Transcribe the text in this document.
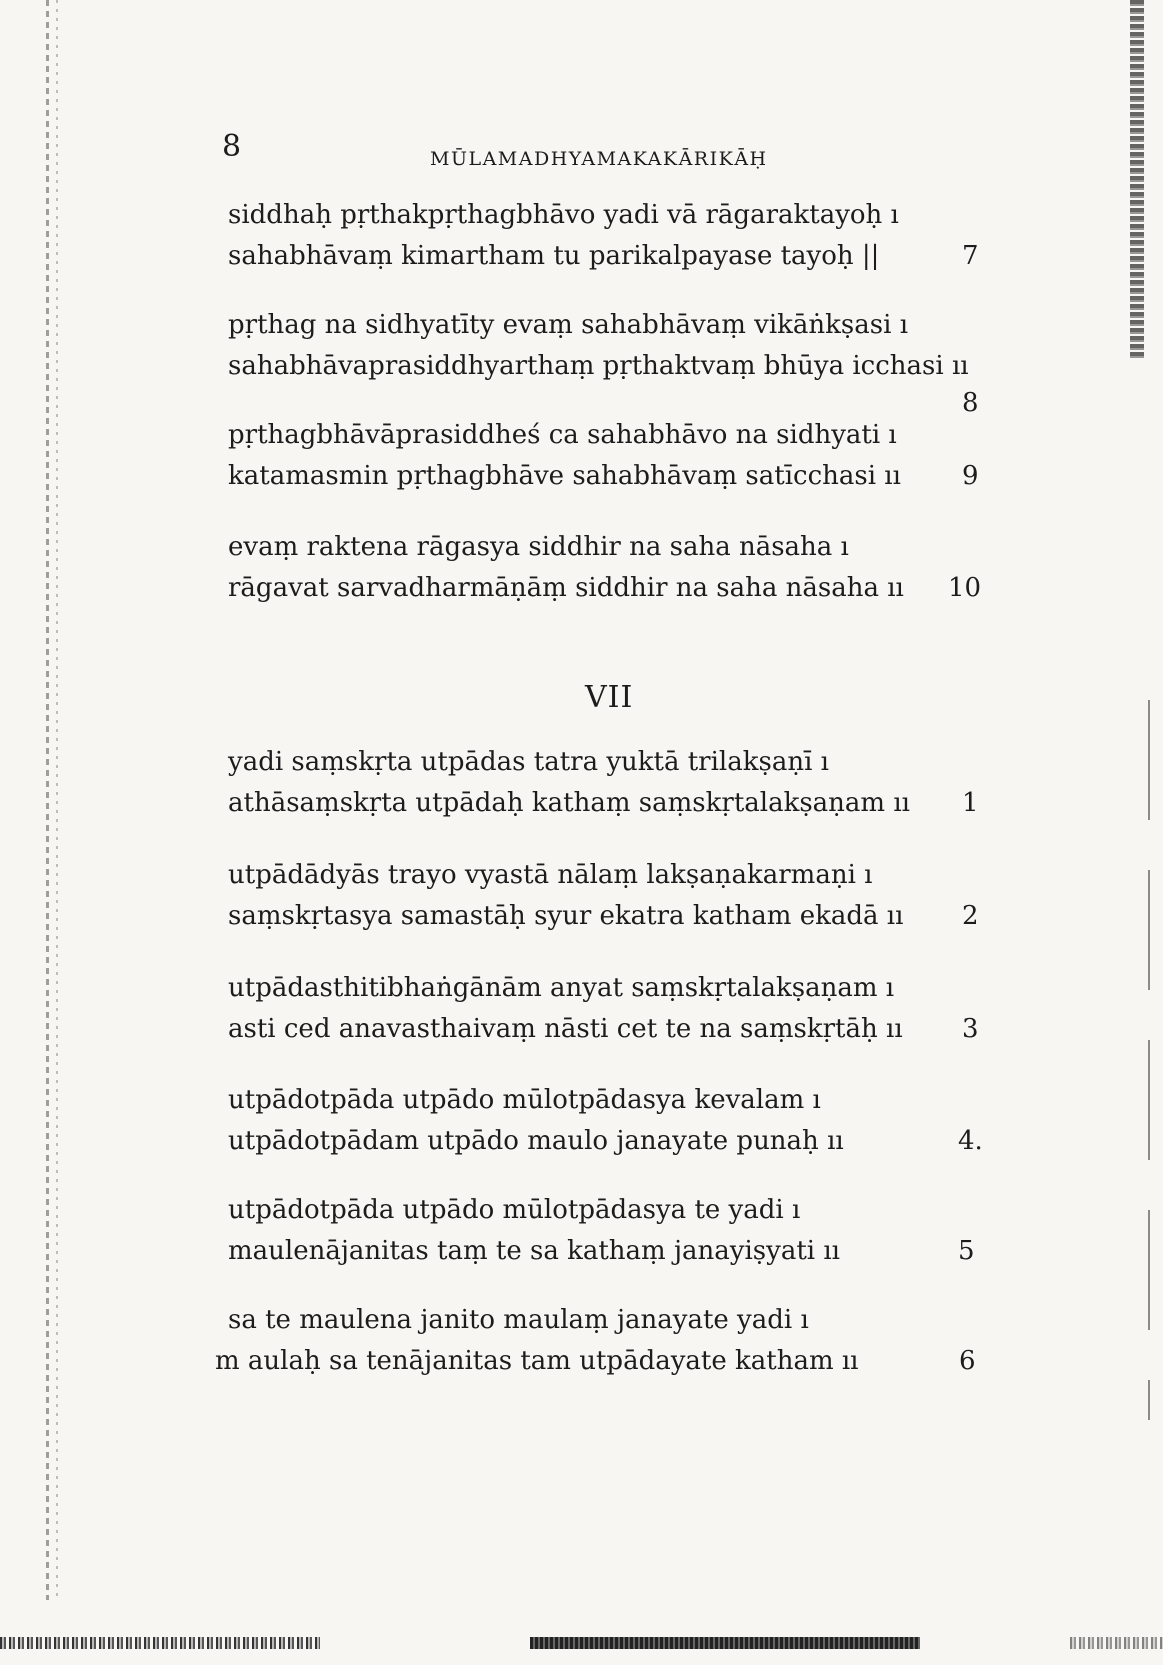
8	MŪLAMADHYAMAKAKĀRIKĀḤ
siddhaḥ pṛthakpṛthagbhāvo yadi vā rāgaraktayoḥ ı
sahabhāvaṃ kimartham tu parikalpayase tayoḥ ||	7
pṛthag na sidhyatīty evaṃ sahabhāvaṃ vikāṅkṣasi ı
sahabhāvaprasiddhyarthaṃ pṛthaktvaṃ bhūya icchasi ıı
8
pṛthagbhāvāprasiddheś ca sahabhāvo na sidhyati ı
katamasmin pṛthagbhāve sahabhāvaṃ satīcchasi ıı	9
evaṃ raktena rāgasya siddhir na saha nāsaha ı
rāgavat sarvadharmāṇāṃ siddhir na saha nāsaha ıı	10
VII
yadi saṃskṛta utpādas tatra yuktā trilakṣaṇī ı
athāsaṃskṛta utpādaḥ kathaṃ saṃskṛtalakṣaṇam ıı	1
utpādādyās trayo vyastā nālaṃ lakṣaṇakarmaṇi ı
saṃskṛtasya samastāḥ syur ekatra katham ekadā ıı	2
utpādasthitibhaṅgānām anyat saṃskṛtalakṣaṇam ı
asti ced anavasthaivaṃ nāsti cet te na saṃskṛtāḥ ıı	3
utpādotpāda utpādo mūlotpādasya kevalam ı
utpādotpādam utpādo maulo janayate punaḥ ıı	4.
utpādotpāda utpādo mūlotpādasya te yadi ı
maulenājanitas taṃ te sa kathaṃ janayiṣyati ıı	5
sa te maulena janito maulaṃ janayate yadi ı
m aulaḥ sa tenājanitas tam utpādayate katham ıı	6
